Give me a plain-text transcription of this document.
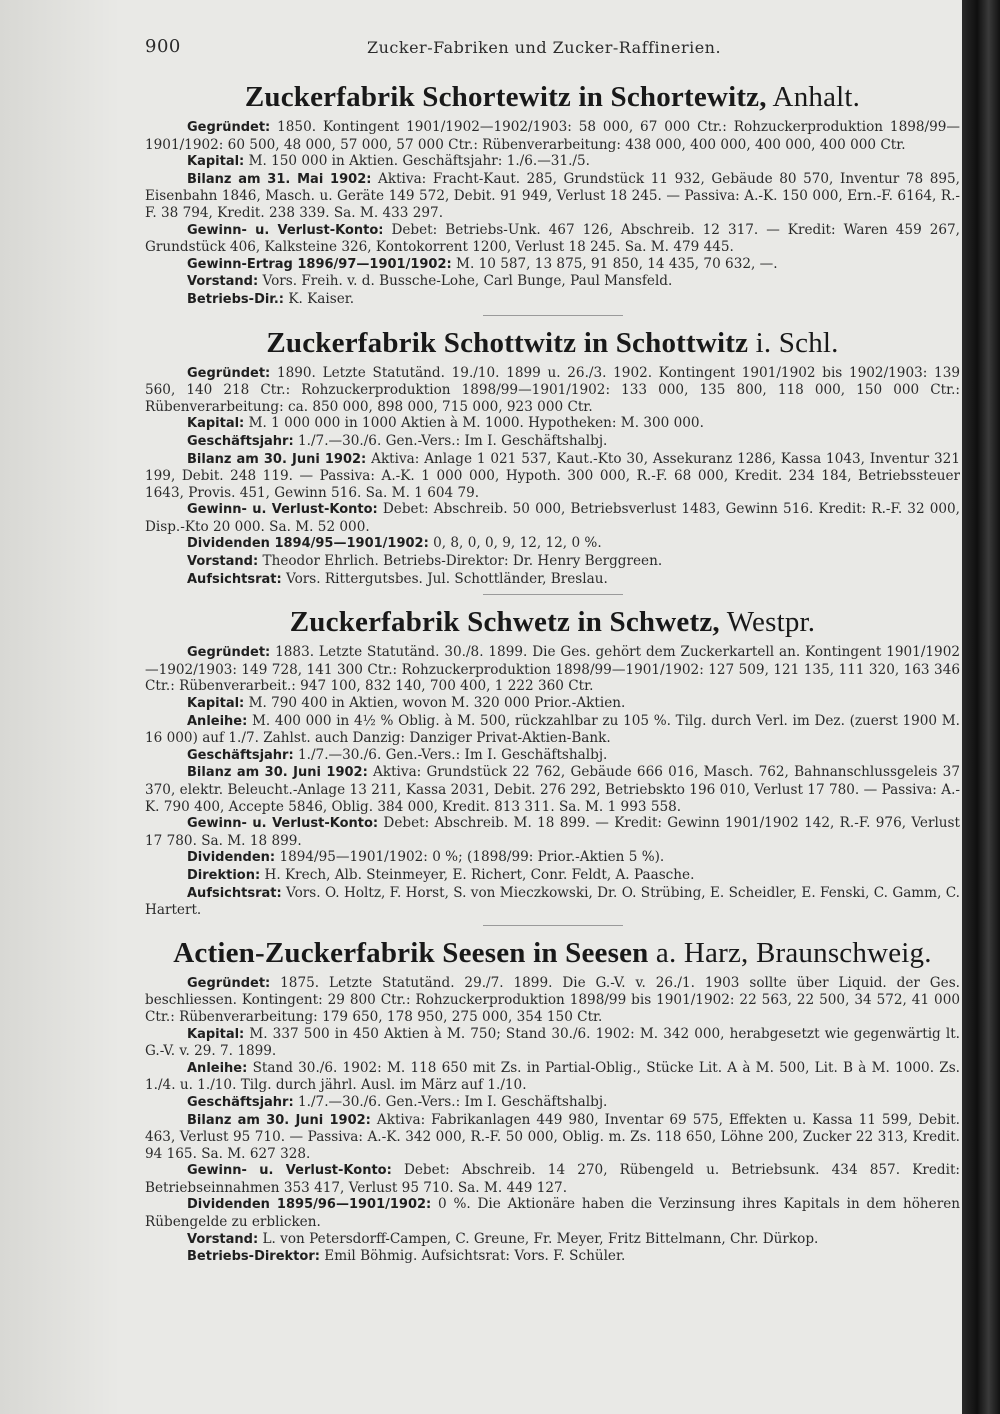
900	Zucker-Fabriken und Zucker-Raffinerien.
Zuckerfabrik Schortewitz in Schortewitz, Anhalt.

Gegründet: 1850. Kontingent 1901/1902—1902/1903: 58 000, 67 000 Ctr.: Rohzuckerproduktion 1898/99—1901/1902: 60 500, 48 000, 57 000, 57 000 Ctr.: Rübenverarbeitung: 438 000, 400 000, 400 000, 400 000 Ctr.

Kapital: M. 150 000 in Aktien. Geschäftsjahr: 1./6.—31./5.

Bilanz am 31. Mai 1902: Aktiva: Fracht-Kaut. 285, Grundstück 11 932, Gebäude 80 570, Inventur 78 895, Eisenbahn 1846, Masch. u. Geräte 149 572, Debit. 91 949, Verlust 18 245. — Passiva: A.-K. 150 000, Ern.-F. 6164, R.-F. 38 794, Kredit. 238 339. Sa. M. 433 297.

Gewinn- u. Verlust-Konto: Debet: Betriebs-Unk. 467 126, Abschreib. 12 317. — Kredit: Waren 459 267, Grundstück 406, Kalksteine 326, Kontokorrent 1200, Verlust 18 245. Sa. M. 479 445.

Gewinn-Ertrag 1896/97—1901/1902: M. 10 587, 13 875, 91 850, 14 435, 70 632, —.

Vorstand: Vors. Freih. v. d. Bussche-Lohe, Carl Bunge, Paul Mansfeld.

Betriebs-Dir.: K. Kaiser.

Zuckerfabrik Schottwitz in Schottwitz i. Schl.

Gegründet: 1890. Letzte Statutänd. 19./10. 1899 u. 26./3. 1902. Kontingent 1901/1902 bis 1902/1903: 139 560, 140 218 Ctr.: Rohzuckerproduktion 1898/99—1901/1902: 133 000, 135 800, 118 000, 150 000 Ctr.: Rübenverarbeitung: ca. 850 000, 898 000, 715 000, 923 000 Ctr.

Kapital: M. 1 000 000 in 1000 Aktien à M. 1000. Hypotheken: M. 300 000.

Geschäftsjahr: 1./7.—30./6. Gen.-Vers.: Im I. Geschäftshalbj.

Bilanz am 30. Juni 1902: Aktiva: Anlage 1 021 537, Kaut.-Kto 30, Assekuranz 1286, Kassa 1043, Inventur 321 199, Debit. 248 119. — Passiva: A.-K. 1 000 000, Hypoth. 300 000, R.-F. 68 000, Kredit. 234 184, Betriebssteuer 1643, Provis. 451, Gewinn 516. Sa. M. 1 604 79.

Gewinn- u. Verlust-Konto: Debet: Abschreib. 50 000, Betriebsverlust 1483, Gewinn 516. Kredit: R.-F. 32 000, Disp.-Kto 20 000. Sa. M. 52 000.

Dividenden 1894/95—1901/1902: 0, 8, 0, 0, 9, 12, 12, 0 %.

Vorstand: Theodor Ehrlich. Betriebs-Direktor: Dr. Henry Berggreen.

Aufsichtsrat: Vors. Rittergutsbes. Jul. Schottländer, Breslau.

Zuckerfabrik Schwetz in Schwetz, Westpr.

Gegründet: 1883. Letzte Statutänd. 30./8. 1899. Die Ges. gehört dem Zuckerkartell an. Kontingent 1901/1902—1902/1903: 149 728, 141 300 Ctr.: Rohzuckerproduktion 1898/99—1901/1902: 127 509, 121 135, 111 320, 163 346 Ctr.: Rübenverarbeit.: 947 100, 832 140, 700 400, 1 222 360 Ctr.

Kapital: M. 790 400 in Aktien, wovon M. 320 000 Prior.-Aktien.

Anleihe: M. 400 000 in 4½ % Oblig. à M. 500, rückzahlbar zu 105 %. Tilg. durch Verl. im Dez. (zuerst 1900 M. 16 000) auf 1./7. Zahlst. auch Danzig: Danziger Privat-Aktien-Bank.

Geschäftsjahr: 1./7.—30./6. Gen.-Vers.: Im I. Geschäftshalbj.

Bilanz am 30. Juni 1902: Aktiva: Grundstück 22 762, Gebäude 666 016, Masch. 762, Bahnanschlussgeleis 37 370, elektr. Beleucht.-Anlage 13 211, Kassa 2031, Debit. 276 292, Betriebskto 196 010, Verlust 17 780. — Passiva: A.-K. 790 400, Accepte 5846, Oblig. 384 000, Kredit. 813 311. Sa. M. 1 993 558.

Gewinn- u. Verlust-Konto: Debet: Abschreib. M. 18 899. — Kredit: Gewinn 1901/1902 142, R.-F. 976, Verlust 17 780. Sa. M. 18 899.

Dividenden: 1894/95—1901/1902: 0 %; (1898/99: Prior.-Aktien 5 %).

Direktion: H. Krech, Alb. Steinmeyer, E. Richert, Conr. Feldt, A. Paasche.

Aufsichtsrat: Vors. O. Holtz, F. Horst, S. von Mieczkowski, Dr. O. Strübing, E. Scheidler, E. Fenski, C. Gamm, C. Hartert.

Actien-Zuckerfabrik Seesen in Seesen a. Harz, Braunschweig.

Gegründet: 1875. Letzte Statutänd. 29./7. 1899. Die G.-V. v. 26./1. 1903 sollte über Liquid. der Ges. beschliessen. Kontingent: 29 800 Ctr.: Rohzuckerproduktion 1898/99 bis 1901/1902: 22 563, 22 500, 34 572, 41 000 Ctr.: Rübenverarbeitung: 179 650, 178 950, 275 000, 354 150 Ctr.

Kapital: M. 337 500 in 450 Aktien à M. 750; Stand 30./6. 1902: M. 342 000, herabgesetzt wie gegenwärtig lt. G.-V. v. 29. 7. 1899.

Anleihe: Stand 30./6. 1902: M. 118 650 mit Zs. in Partial-Oblig., Stücke Lit. A à M. 500, Lit. B à M. 1000. Zs. 1./4. u. 1./10. Tilg. durch jährl. Ausl. im März auf 1./10.

Geschäftsjahr: 1./7.—30./6. Gen.-Vers.: Im I. Geschäftshalbj.

Bilanz am 30. Juni 1902: Aktiva: Fabrikanlagen 449 980, Inventar 69 575, Effekten u. Kassa 11 599, Debit. 463, Verlust 95 710. — Passiva: A.-K. 342 000, R.-F. 50 000, Oblig. m. Zs. 118 650, Löhne 200, Zucker 22 313, Kredit. 94 165. Sa. M. 627 328.

Gewinn- u. Verlust-Konto: Debet: Abschreib. 14 270, Rübengeld u. Betriebsunk. 434 857. Kredit: Betriebseinnahmen 353 417, Verlust 95 710. Sa. M. 449 127.

Dividenden 1895/96—1901/1902: 0 %. Die Aktionäre haben die Verzinsung ihres Kapitals in dem höheren Rübengelde zu erblicken.

Vorstand: L. von Petersdorff-Campen, C. Greune, Fr. Meyer, Fritz Bittelmann, Chr. Dürkop.

Betriebs-Direktor: Emil Böhmig. Aufsichtsrat: Vors. F. Schüler.
